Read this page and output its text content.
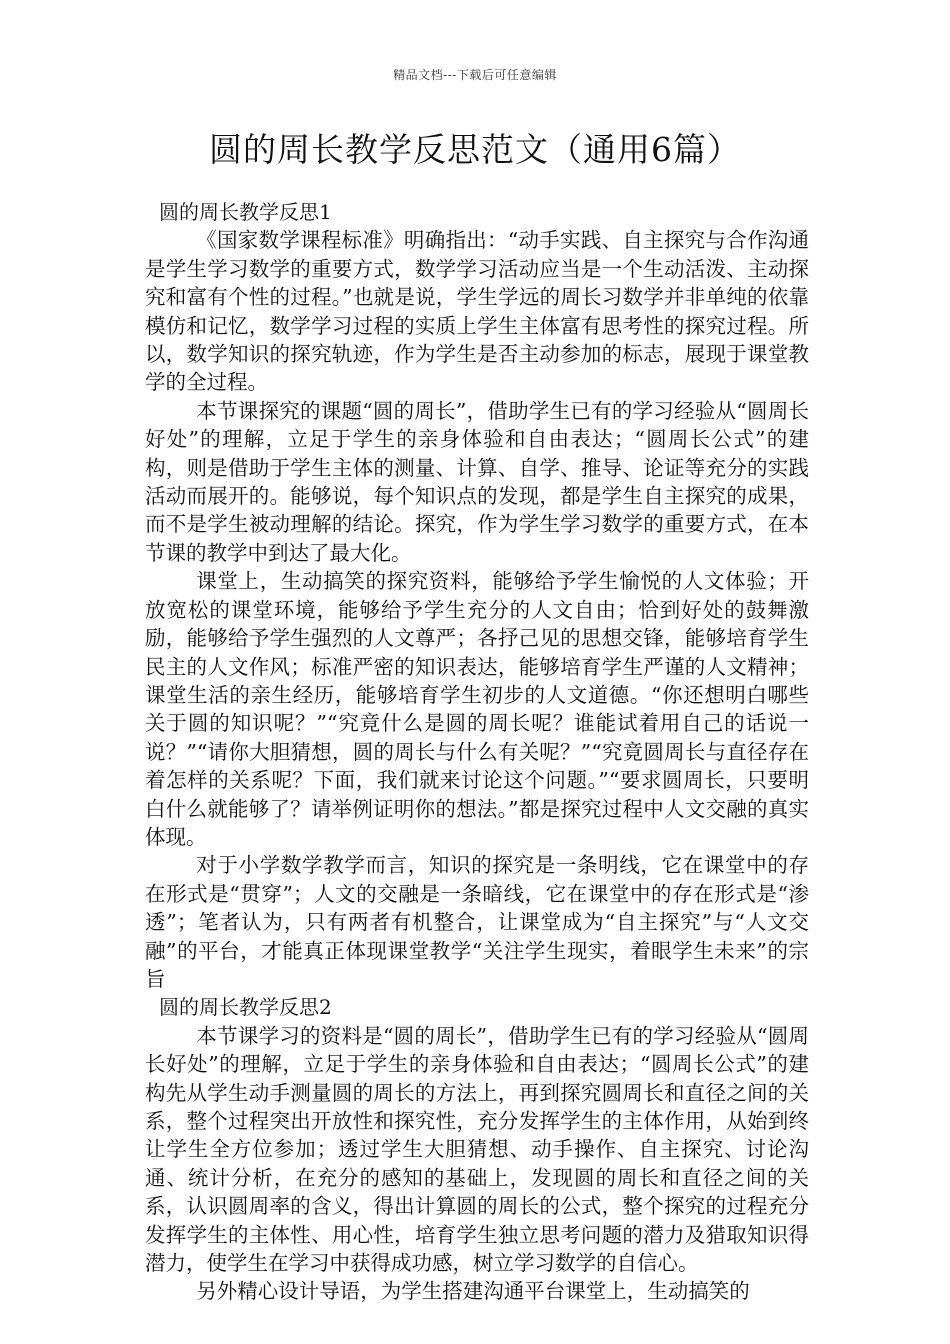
精品文档---下载后可任意编辑
圆的周长教学反思范文（通用6篇）
圆的周长教学反思1

《国家数学课程标准》明确指出：“动手实践、自主探究与合作沟通是学生学习数学的重要方式，数学学习活动应当是一个生动活泼、主动探究和富有个性的过程。”也就是说，学生学远的周长习数学并非单纯的依靠模仿和记忆，数学学习过程的实质上学生主体富有思考性的探究过程。所以，数学知识的探究轨迹，作为学生是否主动参加的标志，展现于课堂教学的全过程。

本节课探究的课题“圆的周长”，借助学生已有的学习经验从“圆周长好处”的理解，立足于学生的亲身体验和自由表达；“圆周长公式”的建构，则是借助于学生主体的测量、计算、自学、推导、论证等充分的实践活动而展开的。能够说，每个知识点的发现，都是学生自主探究的成果，而不是学生被动理解的结论。探究，作为学生学习数学的重要方式，在本节课的教学中到达了最大化。

课堂上，生动搞笑的探究资料，能够给予学生愉悦的人文体验；开放宽松的课堂环境，能够给予学生充分的人文自由；恰到好处的鼓舞激励，能够给予学生强烈的人文尊严；各抒己见的思想交锋，能够培育学生民主的人文作风；标准严密的知识表达，能够培育学生严谨的人文精神；课堂生活的亲生经历，能够培育学生初步的人文道德。“你还想明白哪些关于圆的知识呢？”“究竟什么是圆的周长呢？谁能试着用自己的话说一说？”“请你大胆猜想，圆的周长与什么有关呢？”“究竟圆周长与直径存在着怎样的关系呢？下面，我们就来讨论这个问题。”“要求圆周长，只要明白什么就能够了？请举例证明你的想法。”都是探究过程中人文交融的真实体现。

对于小学数学教学而言，知识的探究是一条明线，它在课堂中的存在形式是“贯穿”；人文的交融是一条暗线，它在课堂中的存在形式是“渗透”；笔者认为，只有两者有机整合，让课堂成为“自主探究”与“人文交融”的平台，才能真正体现课堂教学“关注学生现实，着眼学生未来”的宗旨

圆的周长教学反思2

本节课学习的资料是“圆的周长”，借助学生已有的学习经验从“圆周长好处”的理解，立足于学生的亲身体验和自由表达；“圆周长公式”的建构先从学生动手测量圆的周长的方法上，再到探究圆周长和直径之间的关系，整个过程突出开放性和探究性，充分发挥学生的主体作用，从始到终让学生全方位参加；透过学生大胆猜想、动手操作、自主探究、讨论沟通、统计分析，在充分的感知的基础上，发现圆的周长和直径之间的关系，认识圆周率的含义，得出计算圆的周长的公式，整个探究的过程充分发挥学生的主体性、用心性，培育学生独立思考问题的潜力及猎取知识得潜力，使学生在学习中获得成功感，树立学习数学的自信心。

另外精心设计导语，为学生搭建沟通平台课堂上，生动搞笑的
